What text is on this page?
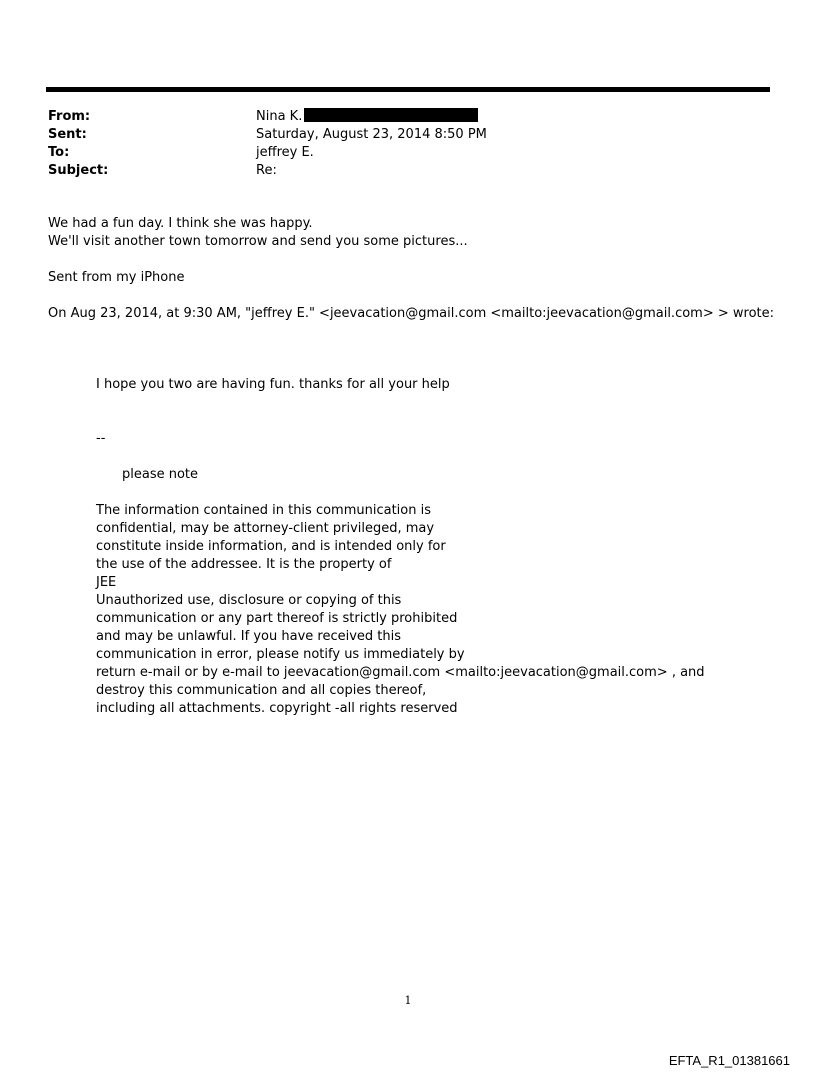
From:	Nina K.
Sent:	Saturday, August 23, 2014 8:50 PM
To:	jeffrey E.
Subject:	Re:
We had a fun day. I think she was happy.
We'll visit another town tomorrow and send you some pictures...
Sent from my iPhone
On Aug 23, 2014, at 9:30 AM, "jeffrey E." <jeevacation@gmail.com <mailto:jeevacation@gmail.com> > wrote:
I hope you two are having fun. thanks for all your help
--
please note
The information contained in this communication is
confidential, may be attorney-client privileged, may
constitute inside information, and is intended only for
the use of the addressee. It is the property of
JEE
Unauthorized use, disclosure or copying of this
communication or any part thereof is strictly prohibited
and may be unlawful. If you have received this
communication in error, please notify us immediately by
return e-mail or by e-mail to jeevacation@gmail.com <mailto:jeevacation@gmail.com> , and
destroy this communication and all copies thereof,
including all attachments. copyright -all rights reserved
1
EFTA_R1_01381661
